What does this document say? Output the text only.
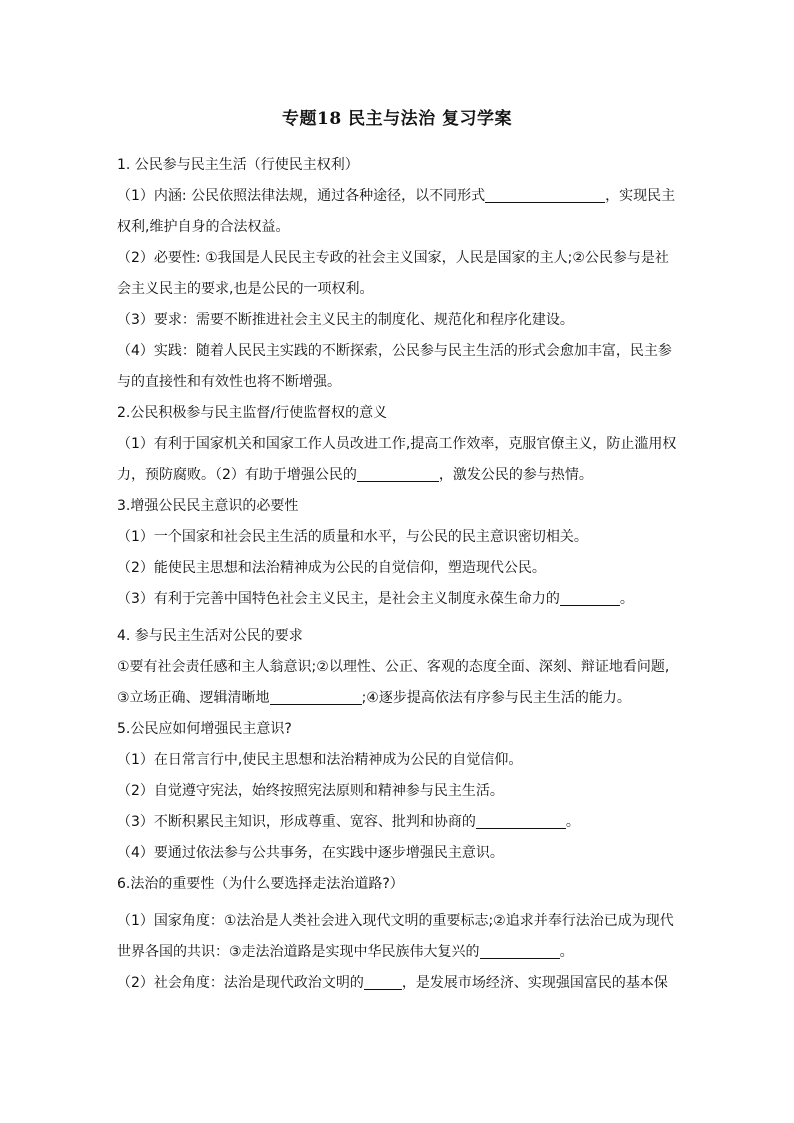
专题18 民主与法治 复习学案
1. 公民参与民主生活（行使民主权利）
（1）内涵: 公民依照法律法规，通过各种途径，以不同形式	，实现民主
权利,维护自身的合法权益。
（2）必要性: ①我国是人民民主专政的社会主义国家，人民是国家的主人;②公民参与是社
会主义民主的要求,也是公民的一项权利。
（3）要求：需要不断推进社会主义民主的制度化、规范化和程序化建设。
（4）实践：随着人民民主实践的不断探索，公民参与民主生活的形式会愈加丰富，民主参
与的直接性和有效性也将不断增强。
2.公民积极参与民主监督/行使监督权的意义
（1）有利于国家机关和国家工作人员改进工作,提高工作效率，克服官僚主义，防止滥用权
力，预防腐败。（2）有助于增强公民的	，激发公民的参与热情。
3.增强公民民主意识的必要性
（1）一个国家和社会民主生活的质量和水平，与公民的民主意识密切相关。
（2）能使民主思想和法治精神成为公民的自觉信仰，塑造现代公民。
（3）有利于完善中国特色社会主义民主，是社会主义制度永葆生命力的	。
4. 参与民主生活对公民的要求
①要有社会责任感和主人翁意识;②以理性、公正、客观的态度全面、深刻、辩证地看问题,
③立场正确、逻辑清晰地	;④逐步提高依法有序参与民主生活的能力。
5.公民应如何增强民主意识?
（1）在日常言行中,使民主思想和法治精神成为公民的自觉信仰。
（2）自觉遵守宪法，始终按照宪法原则和精神参与民主生活。
（3）不断积累民主知识，形成尊重、宽容、批判和协商的	。
（4）要通过依法参与公共事务，在实践中逐步增强民主意识。
6.法治的重要性（为什么要选择走法治道路?）
（1）国家角度：①法治是人类社会进入现代文明的重要标志;②追求并奉行法治已成为现代
世界各国的共识：③走法治道路是实现中华民族伟大复兴的	。
（2）社会角度：法治是现代政治文明的	，是发展市场经济、实现强国富民的基本保
